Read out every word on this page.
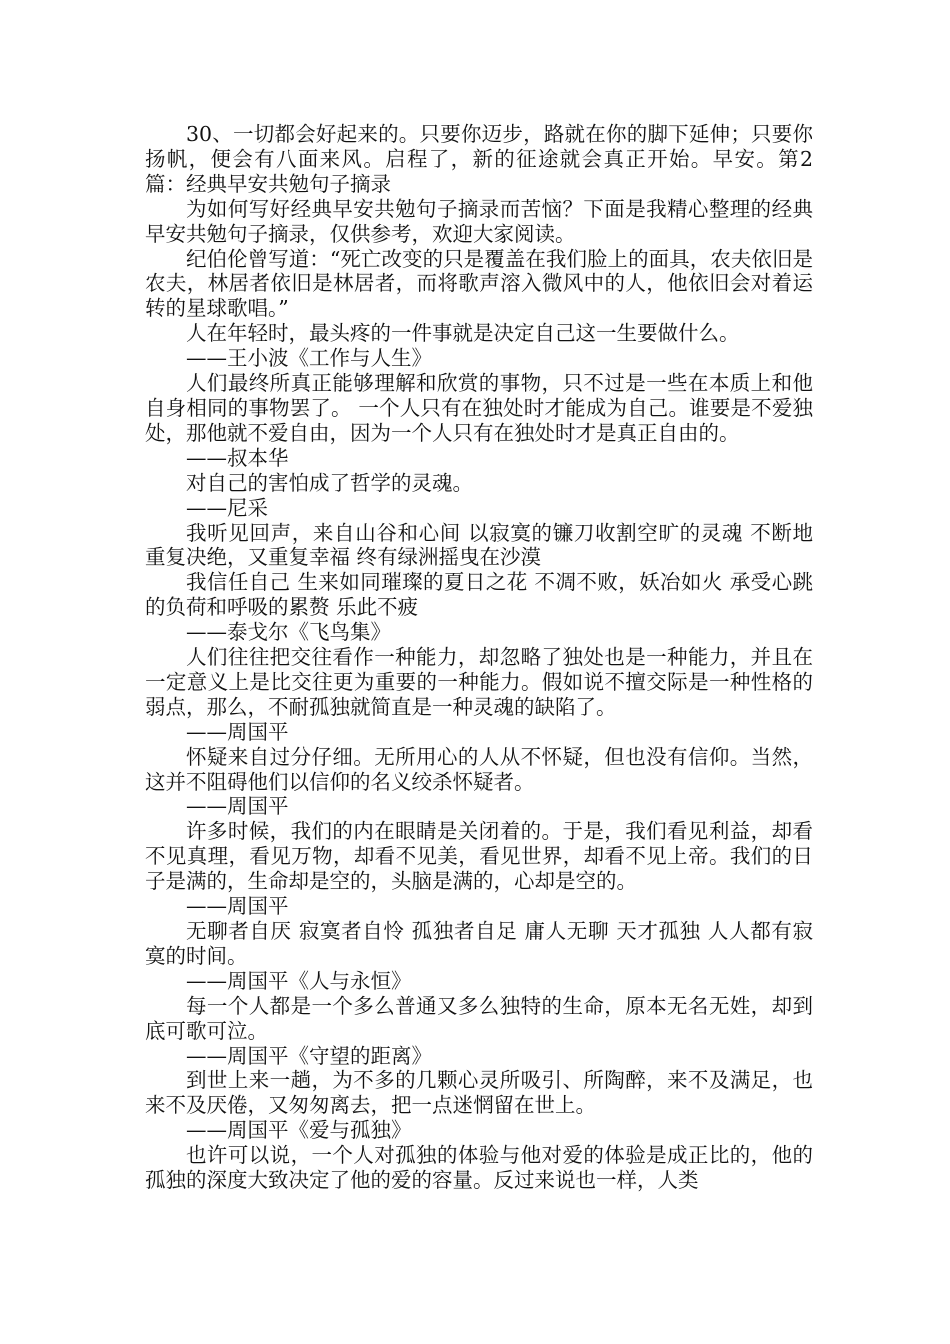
30、一切都会好起来的。只要你迈步，路就在你的脚下延伸；只要你扬帆，便会有八面来风。启程了，新的征途就会真正开始。早安。第2篇：经典早安共勉句子摘录

为如何写好经典早安共勉句子摘录而苦恼？下面是我精心整理的经典早安共勉句子摘录，仅供参考，欢迎大家阅读。

纪伯伦曾写道：“死亡改变的只是覆盖在我们脸上的面具，农夫依旧是农夫，林居者依旧是林居者，而将歌声溶入微风中的人，他依旧会对着运转的星球歌唱。”

人在年轻时，最头疼的一件事就是决定自己这一生要做什么。

——王小波《工作与人生》

人们最终所真正能够理解和欣赏的事物，只不过是一些在本质上和他自身相同的事物罢了。 一个人只有在独处时才能成为自己。谁要是不爱独处，那他就不爱自由，因为一个人只有在独处时才是真正自由的。

——叔本华

对自己的害怕成了哲学的灵魂。

——尼采

我听见回声，来自山谷和心间 以寂寞的镰刀收割空旷的灵魂 不断地重复决绝，又重复幸福 终有绿洲摇曳在沙漠

我信任自己 生来如同璀璨的夏日之花 不凋不败，妖冶如火 承受心跳的负荷和呼吸的累赘 乐此不疲

——泰戈尔《飞鸟集》

人们往往把交往看作一种能力，却忽略了独处也是一种能力，并且在一定意义上是比交往更为重要的一种能力。假如说不擅交际是一种性格的弱点，那么，不耐孤独就简直是一种灵魂的缺陷了。

——周国平

怀疑来自过分仔细。无所用心的人从不怀疑，但也没有信仰。当然，这并不阻碍他们以信仰的名义绞杀怀疑者。

——周国平

许多时候，我们的内在眼睛是关闭着的。于是，我们看见利益，却看不见真理，看见万物，却看不见美，看见世界，却看不见上帝。我们的日子是满的，生命却是空的，头脑是满的，心却是空的。

——周国平

无聊者自厌 寂寞者自怜 孤独者自足 庸人无聊 天才孤独 人人都有寂寞的时间。

——周国平《人与永恒》

每一个人都是一个多么普通又多么独特的生命，原本无名无姓，却到底可歌可泣。

——周国平《守望的距离》

到世上来一趟，为不多的几颗心灵所吸引、所陶醉，来不及满足，也来不及厌倦，又匆匆离去，把一点迷惘留在世上。

——周国平《爱与孤独》

也许可以说，一个人对孤独的体验与他对爱的体验是成正比的，他的孤独的深度大致决定了他的爱的容量。反过来说也一样，人类
